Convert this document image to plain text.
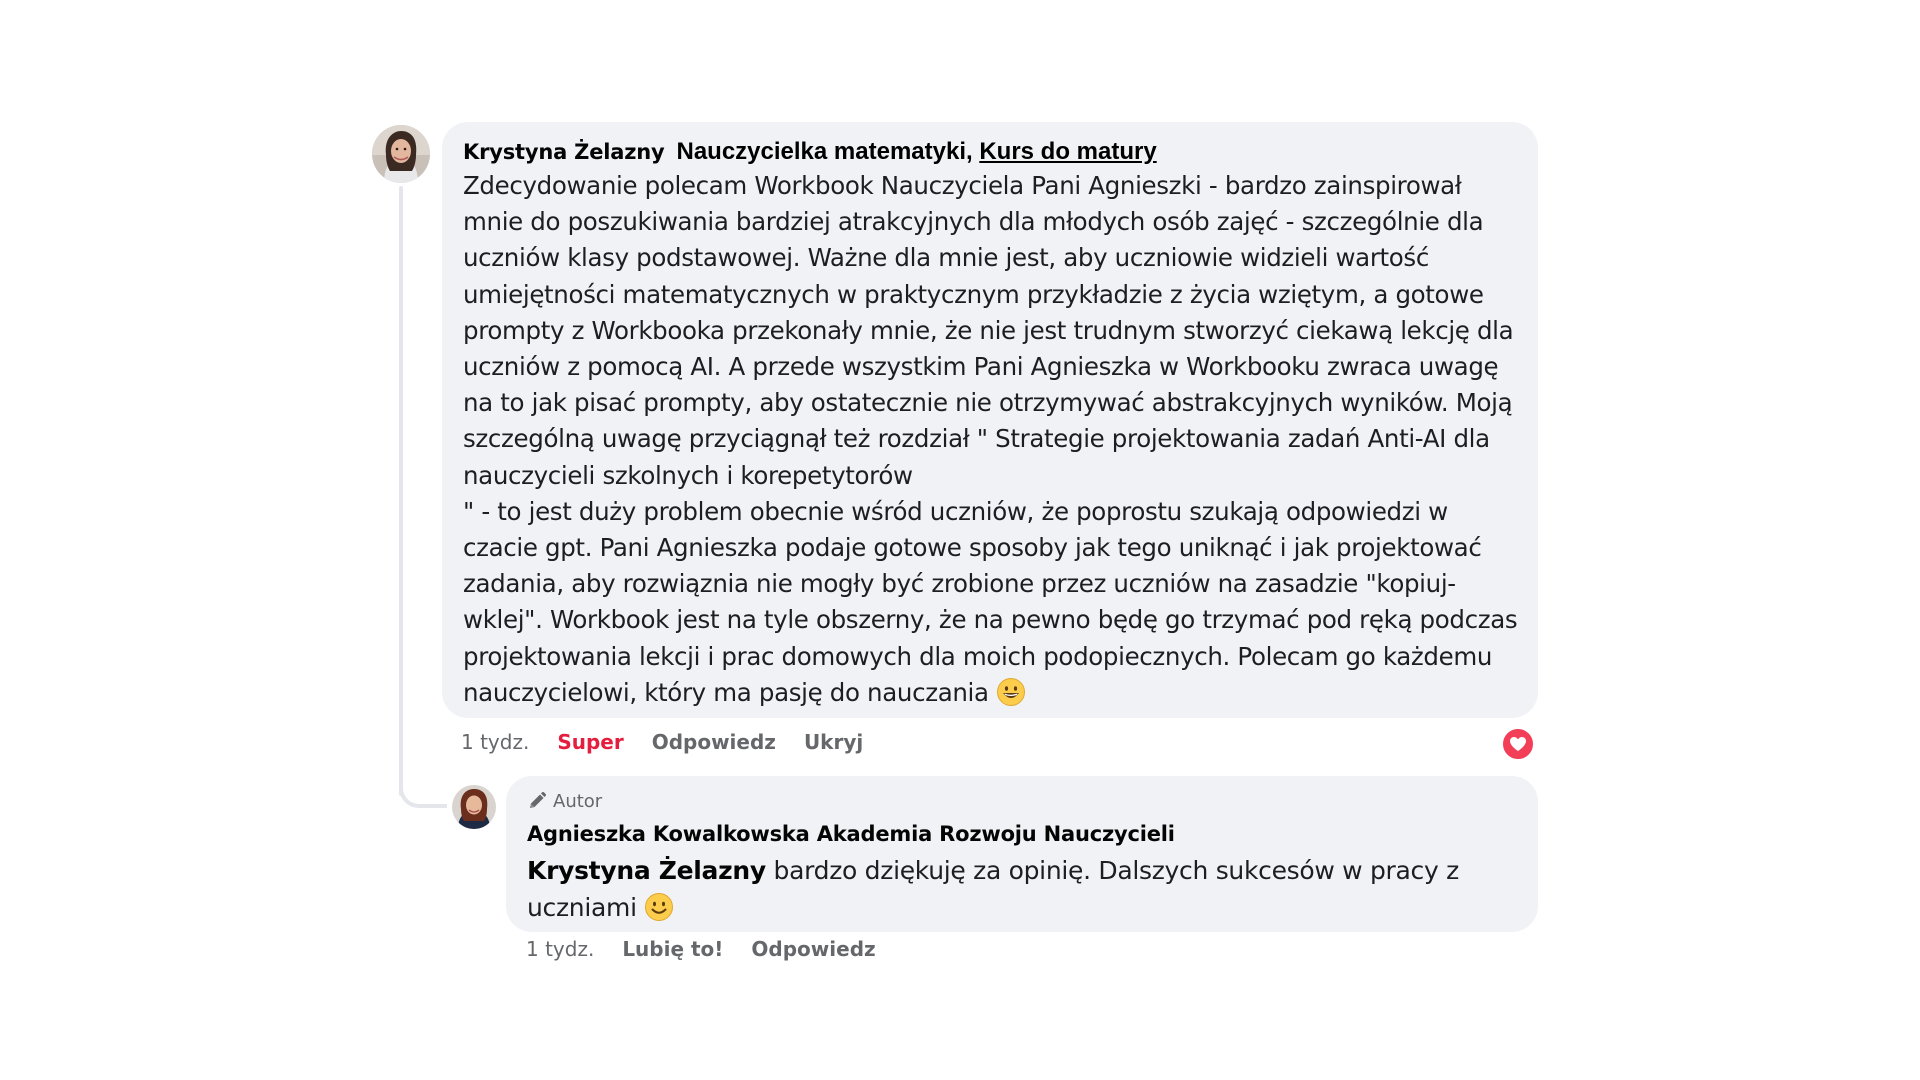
Krystyna Żelazny Nauczycielka matematyki, Kurs do matury
Zdecydowanie polecam Workbook Nauczyciela Pani Agnieszki - bardzo zainspirował
mnie do poszukiwania bardziej atrakcyjnych dla młodych osób zajęć - szczególnie dla
uczniów klasy podstawowej. Ważne dla mnie jest, aby uczniowie widzieli wartość
umiejętności matematycznych w praktycznym przykładzie z życia wziętym, a gotowe
prompty z Workbooka przekonały mnie, że nie jest trudnym stworzyć ciekawą lekcję dla
uczniów z pomocą AI. A przede wszystkim Pani Agnieszka w Workbooku zwraca uwagę
na to jak pisać prompty, aby ostatecznie nie otrzymywać abstrakcyjnych wyników. Moją
szczególną uwagę przyciągnął też rozdział " Strategie projektowania zadań Anti-AI dla
nauczycieli szkolnych i korepetytorów
" - to jest duży problem obecnie wśród uczniów, że poprostu szukają odpowiedzi w
czacie gpt. Pani Agnieszka podaje gotowe sposoby jak tego uniknąć i jak projektować
zadania, aby rozwiąznia nie mogły być zrobione przez uczniów na zasadzie "kopiuj-
wklej". Workbook jest na tyle obszerny, że na pewno będę go trzymać pod ręką podczas
projektowania lekcji i prac domowych dla moich podopiecznych. Polecam go każdemu
nauczycielowi, który ma pasję do nauczania
1 tydz. Super Odpowiedz Ukryj
Autor
Agnieszka Kowalkowska Akademia Rozwoju Nauczycieli
Krystyna Żelazny bardzo dziękuję za opinię. Dalszych sukcesów w pracy z
uczniami
1 tydz. Lubię to! Odpowiedz
